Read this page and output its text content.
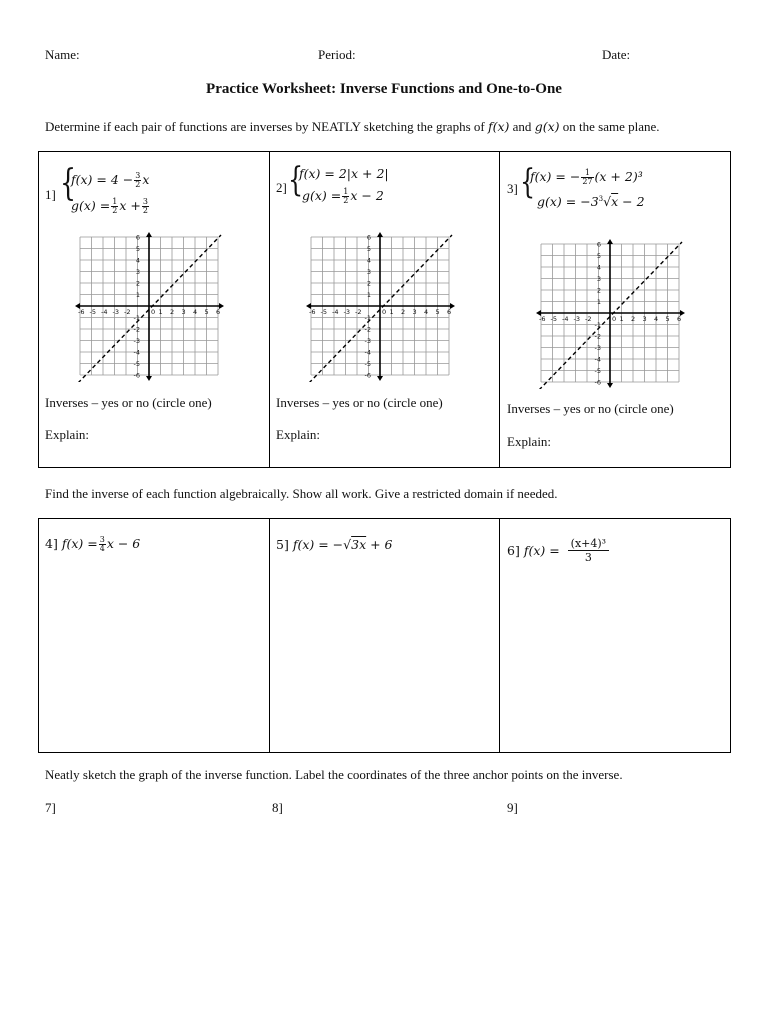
Name:	Period:	Date:
Practice Worksheet: Inverse Functions and One-to-One
Determine if each pair of functions are inverses by NEATLY sketching the graphs of f(x) and g(x) on the same plane.
1] {
$f(x) = 4 - \frac{3}{2}$ x
$g(x) = \frac{1}{2}$ $x + \frac{3}{2}$
-6 -5 -4 -3 -2	0 1 2 3 4 5 6
6
5
4
3
2
1
-1
-2
-3
-4
-5
-6
Inverses – yes or no (circle one)
Explain:
2] {
f(x) = 2|x + 2|
$g(x) = \frac{1}{2}$ x − 2
-6 -5 -4 -3 -2	0 1 2 3 4 5 6
6
5
4
3
2
1
-1
-2
-3
-4
-5
-6
Inverses – yes or no (circle one)
Explain:
3] {
f(x) = − $\frac{1}{27} (x + 2)^3$
$g(x) = -3^3√x - 2$
-6 -5 -4 -3 -2	0 1 2 3 4 5 6
6
5
4
3
2
1
-1
-2
-3
-4
-5
-6
Inverses – yes or no (circle one)
Explain:
Find the inverse of each function algebraically. Show all work. Give a restricted domain if needed.
4] $f(x) = \frac{3}{4}$ x − 6	5] f(x) = −√3x + 6	6] $f(x) = \frac{\text{(x+4)³}}{3}$
Neatly sketch the graph of the inverse function. Label the coordinates of the three anchor points on the inverse.
7]	8]	9]
